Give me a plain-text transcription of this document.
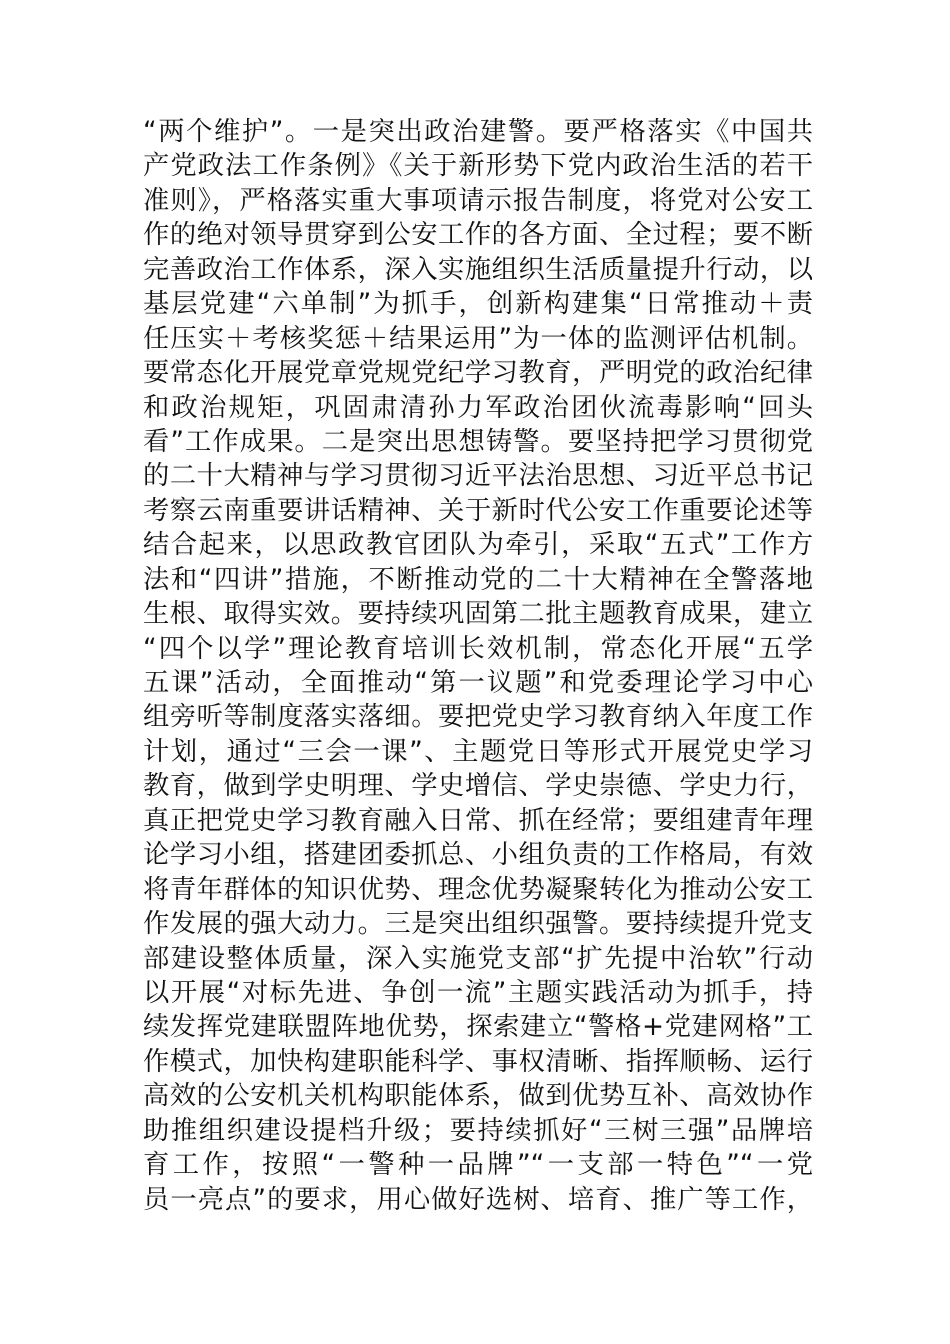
“两个维护”。一是突出政治建警。要严格落实《中国共
产党政法工作条例》《关于新形势下党内政治生活的若干
准则》，严格落实重大事项请示报告制度，将党对公安工
作的绝对领导贯穿到公安工作的各方面、全过程；要不断
完善政治工作体系，深入实施组织生活质量提升行动，以
基层党建“六单制”为抓手，创新构建集“日常推动＋责
任压实＋考核奖惩＋结果运用”为一体的监测评估机制。
要常态化开展党章党规党纪学习教育，严明党的政治纪律
和政治规矩，巩固肃清孙力军政治团伙流毒影响“回头
看”工作成果。二是突出思想铸警。要坚持把学习贯彻党
的二十大精神与学习贯彻习近平法治思想、习近平总书记
考察云南重要讲话精神、关于新时代公安工作重要论述等
结合起来，以思政教官团队为牵引，采取“五式”工作方
法和“四讲”措施，不断推动党的二十大精神在全警落地
生根、取得实效。要持续巩固第二批主题教育成果，建立
“四个以学”理论教育培训长效机制，常态化开展“五学
五课”活动，全面推动“第一议题”和党委理论学习中心
组旁听等制度落实落细。要把党史学习教育纳入年度工作
计划，通过“三会一课”、主题党日等形式开展党史学习
教育，做到学史明理、学史增信、学史崇德、学史力行，
真正把党史学习教育融入日常、抓在经常；要组建青年理
论学习小组，搭建团委抓总、小组负责的工作格局，有效
将青年群体的知识优势、理念优势凝聚转化为推动公安工
作发展的强大动力。三是突出组织强警。要持续提升党支
部建设整体质量，深入实施党支部“扩先提中治软”行动
以开展“对标先进、争创一流”主题实践活动为抓手，持
续发挥党建联盟阵地优势，探索建立“警格+党建网格”工
作模式，加快构建职能科学、事权清晰、指挥顺畅、运行
高效的公安机关机构职能体系，做到优势互补、高效协作
助推组织建设提档升级；要持续抓好“三树三强”品牌培
育工作，按照“一警种一品牌”“一支部一特色”“一党
员一亮点”的要求，用心做好选树、培育、推广等工作，
